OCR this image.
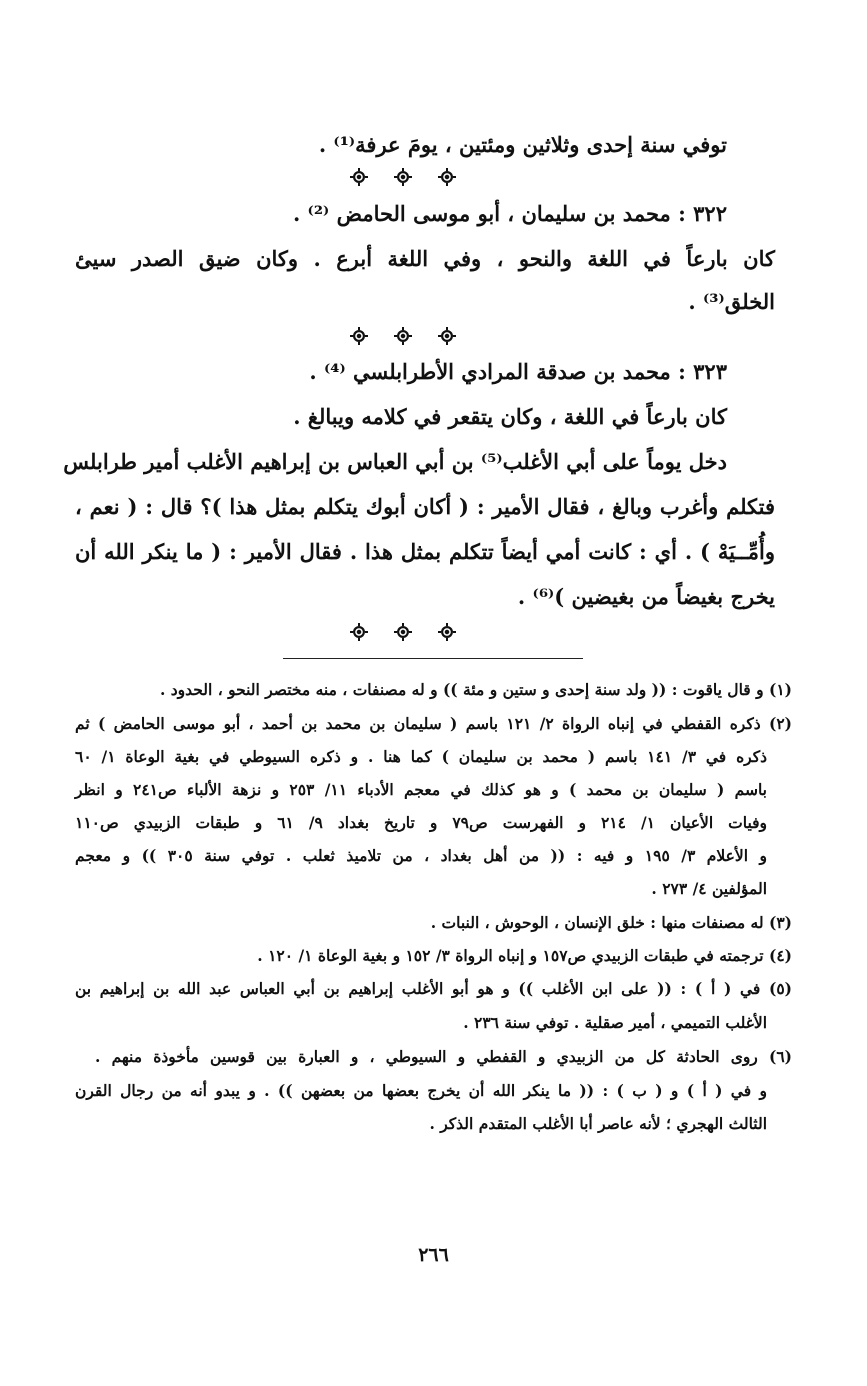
توفي سنة إحدى وثلاثين ومئتين ، يومَ عرفة⁽¹⁾ .

٣٢٢ : محمد بن سليمان ، أبو موسى الحامض ⁽²⁾ .

كان بارعاً في اللغة والنحو ، وفي اللغة أبرع . وكان ضيق الصدر سيئ

الخلق⁽³⁾ .

٣٢٣ : محمد بن صدقة المرادي الأطرابلسي ⁽⁴⁾ .

كان بارعاً في اللغة ، وكان يتقعر في كلامه ويبالغ .

دخل يوماً على أبي الأغلب⁽⁵⁾ بن أبي العباس بن إبراهيم الأغلب أمير طرابلس

فتكلم وأغرب وبالغ ، فقال الأمير : ( أكان أبوك يتكلم بمثل هذا )؟ قال : ( نعم ،

وأُمِّــيَهْ ) . أي : كانت أمي أيضاً تتكلم بمثل هذا . فقال الأمير : ( ما ينكر الله أن

يخرج بغيضاً من بغيضين )⁽⁶⁾ .

(١) و قال ياقوت : (( ولد سنة إحدى و ستين و مئة )) و له مصنفات ، منه مختصر النحو ، الحدود .

(٢) ذكره القفطي في إنباه الرواة ٢/ ١٢١ باسم ( سليمان بن محمد بن أحمد ، أبو موسى الحامض ) ثم

ذكره في ٣/ ١٤١ باسم ( محمد بن سليمان ) كما هنا . و ذكره السيوطي في بغية الوعاة ١/ ٦٠

باسم ( سليمان بن محمد ) و هو كذلك في معجم الأدباء ١١/ ٢٥٣ و نزهة الألباء ص٢٤١ و انظر

وفيات الأعيان ١/ ٢١٤ و الفهرست ص٧٩ و تاريخ بغداد ٩/ ٦١ و طبقات الزبيدي ص١١٠

و الأعلام ٣/ ١٩٥ و فيه : (( من أهل بغداد ، من تلاميذ ثعلب . توفي سنة ٣٠٥ )) و معجم

المؤلفين ٤/ ٢٧٣ .

(٣) له مصنفات منها : خلق الإنسان ، الوحوش ، النبات .

(٤) ترجمته في طبقات الزبيدي ص١٥٧ و إنباه الرواة ٣/ ١٥٢ و بغية الوعاة ١/ ١٢٠ .

(٥) في ( أ ) : (( على ابن الأغلب )) و هو أبو الأغلب إبراهيم بن أبي العباس عبد الله بن إبراهيم بن

الأغلب التميمي ، أمير صقلية . توفي سنة ٢٣٦ .

(٦) روى الحادثة كل من الزبيدي و القفطي و السيوطي ، و العبارة بين قوسين مأخوذة منهم .

و في ( أ ) و ( ب ) : (( ما ينكر الله أن يخرج بعضها من بعضهن )) . و يبدو أنه من رجال القرن

الثالث الهجري ؛ لأنه عاصر أبا الأغلب المتقدم الذكر .

٢٦٦
